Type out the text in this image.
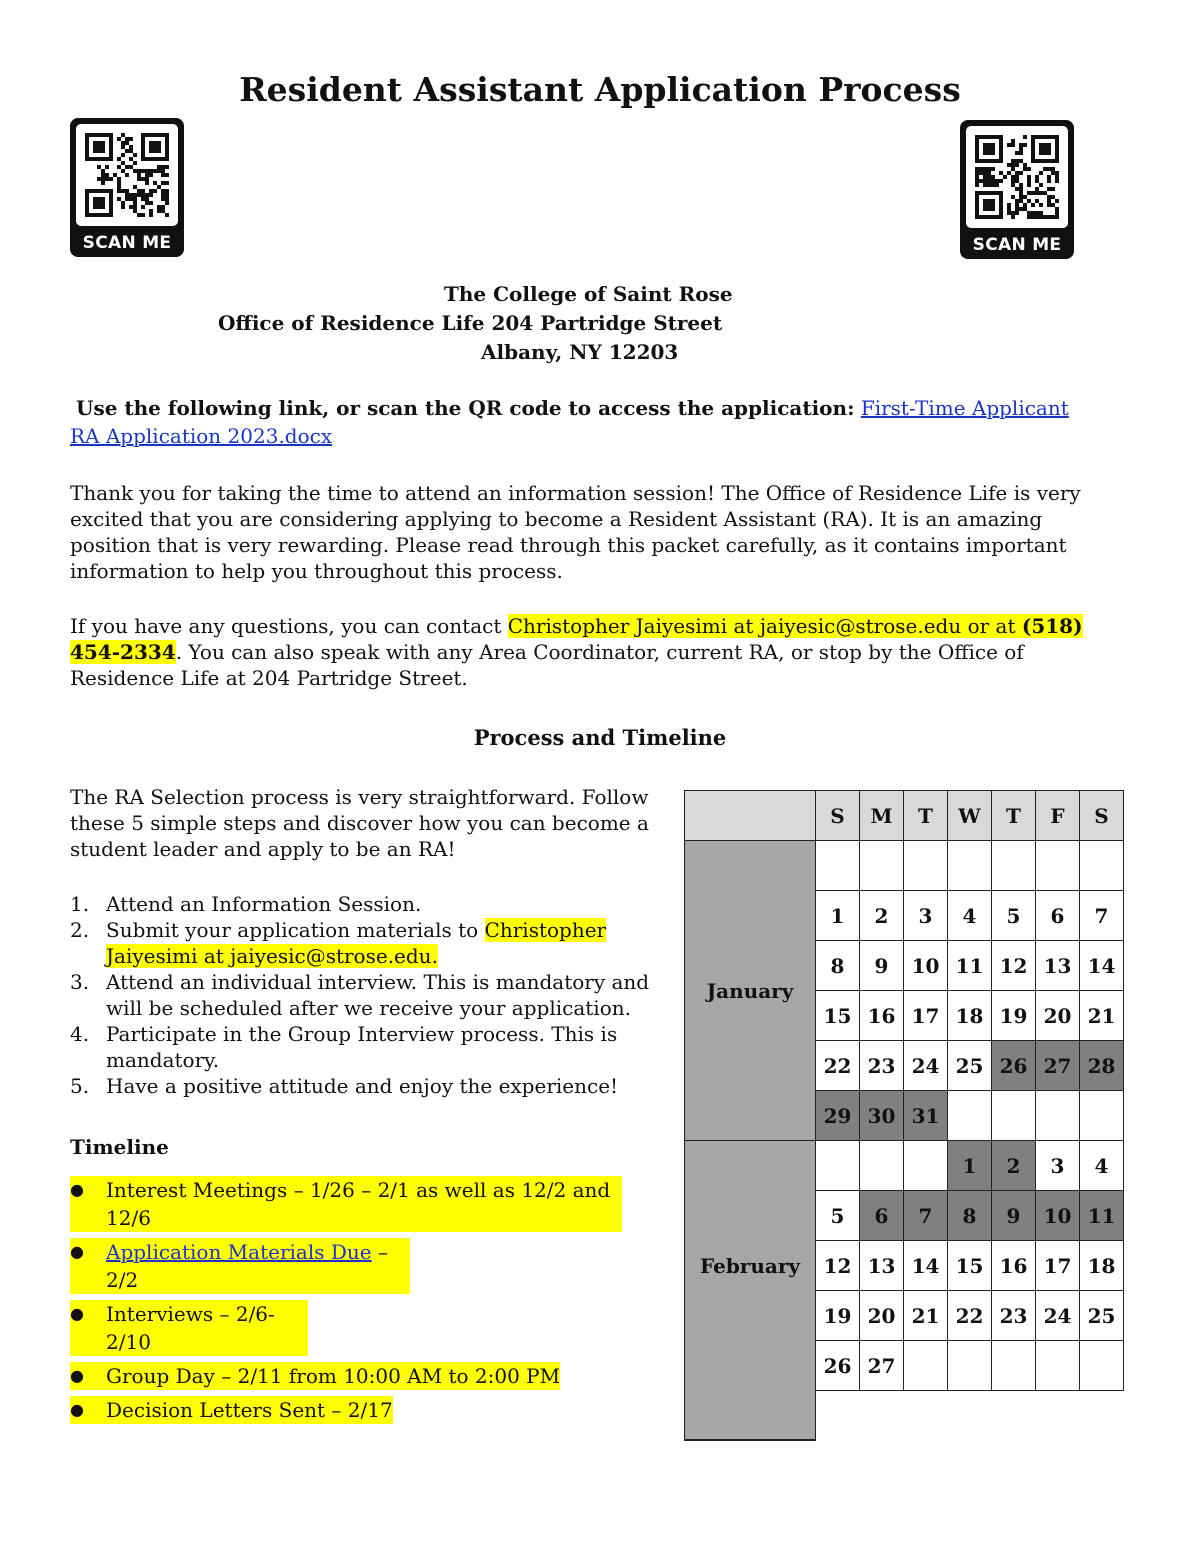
Resident Assistant Application Process
SCAN ME	SCAN ME
The College of Saint Rose
Office of Residence Life 204 Partridge Street
Albany, NY 12203

Use the following link, or scan the QR code to access the application: First-Time Applicant RA Application 2023.docx

Thank you for taking the time to attend an information session! The Office of Residence Life is very excited that you are considering applying to become a Resident Assistant (RA). It is an amazing position that is very rewarding. Please read through this packet carefully, as it contains important information to help you throughout this process.

If you have any questions, you can contact Christopher Jaiyesimi at jaiyesic@strose.edu or at (518) 454-2334. You can also speak with any Area Coordinator, current RA, or stop by the Office of Residence Life at 204 Partridge Street.

Process and Timeline

The RA Selection process is very straightforward. Follow these 5 simple steps and discover how you can become a student leader and apply to be an RA!

1. Attend an Information Session.
2. Submit your application materials to Christopher Jaiyesimi at jaiyesic@strose.edu.
3. Attend an individual interview. This is mandatory and will be scheduled after we receive your application.
4. Participate in the Group Interview process. This is mandatory.
5. Have a positive attitude and enjoy the experience!
Timeline
●	Interest Meetings – 1/26 – 2/1 as well as 12/2 and
12/6
●	Application Materials Due –
2/2
●	Interviews – 2/6-
2/10
●	Group Day – 2/11 from 10:00 AM to 2:00 PM
●	Decision Letters Sent – 2/17
	S	M	T	W	T	F	S
January							
	1	2	3	4	5	6	7
	8	9	10	11	12	13	14
	15	16	17	18	19	20	21
	22	23	24	25	26	27	28
	29	30	31				
February				1	2	3	4
	5	6	7	8	9	10	11
	12	13	14	15	16	17	18
	19	20	21	22	23	24	25
	26	27					
